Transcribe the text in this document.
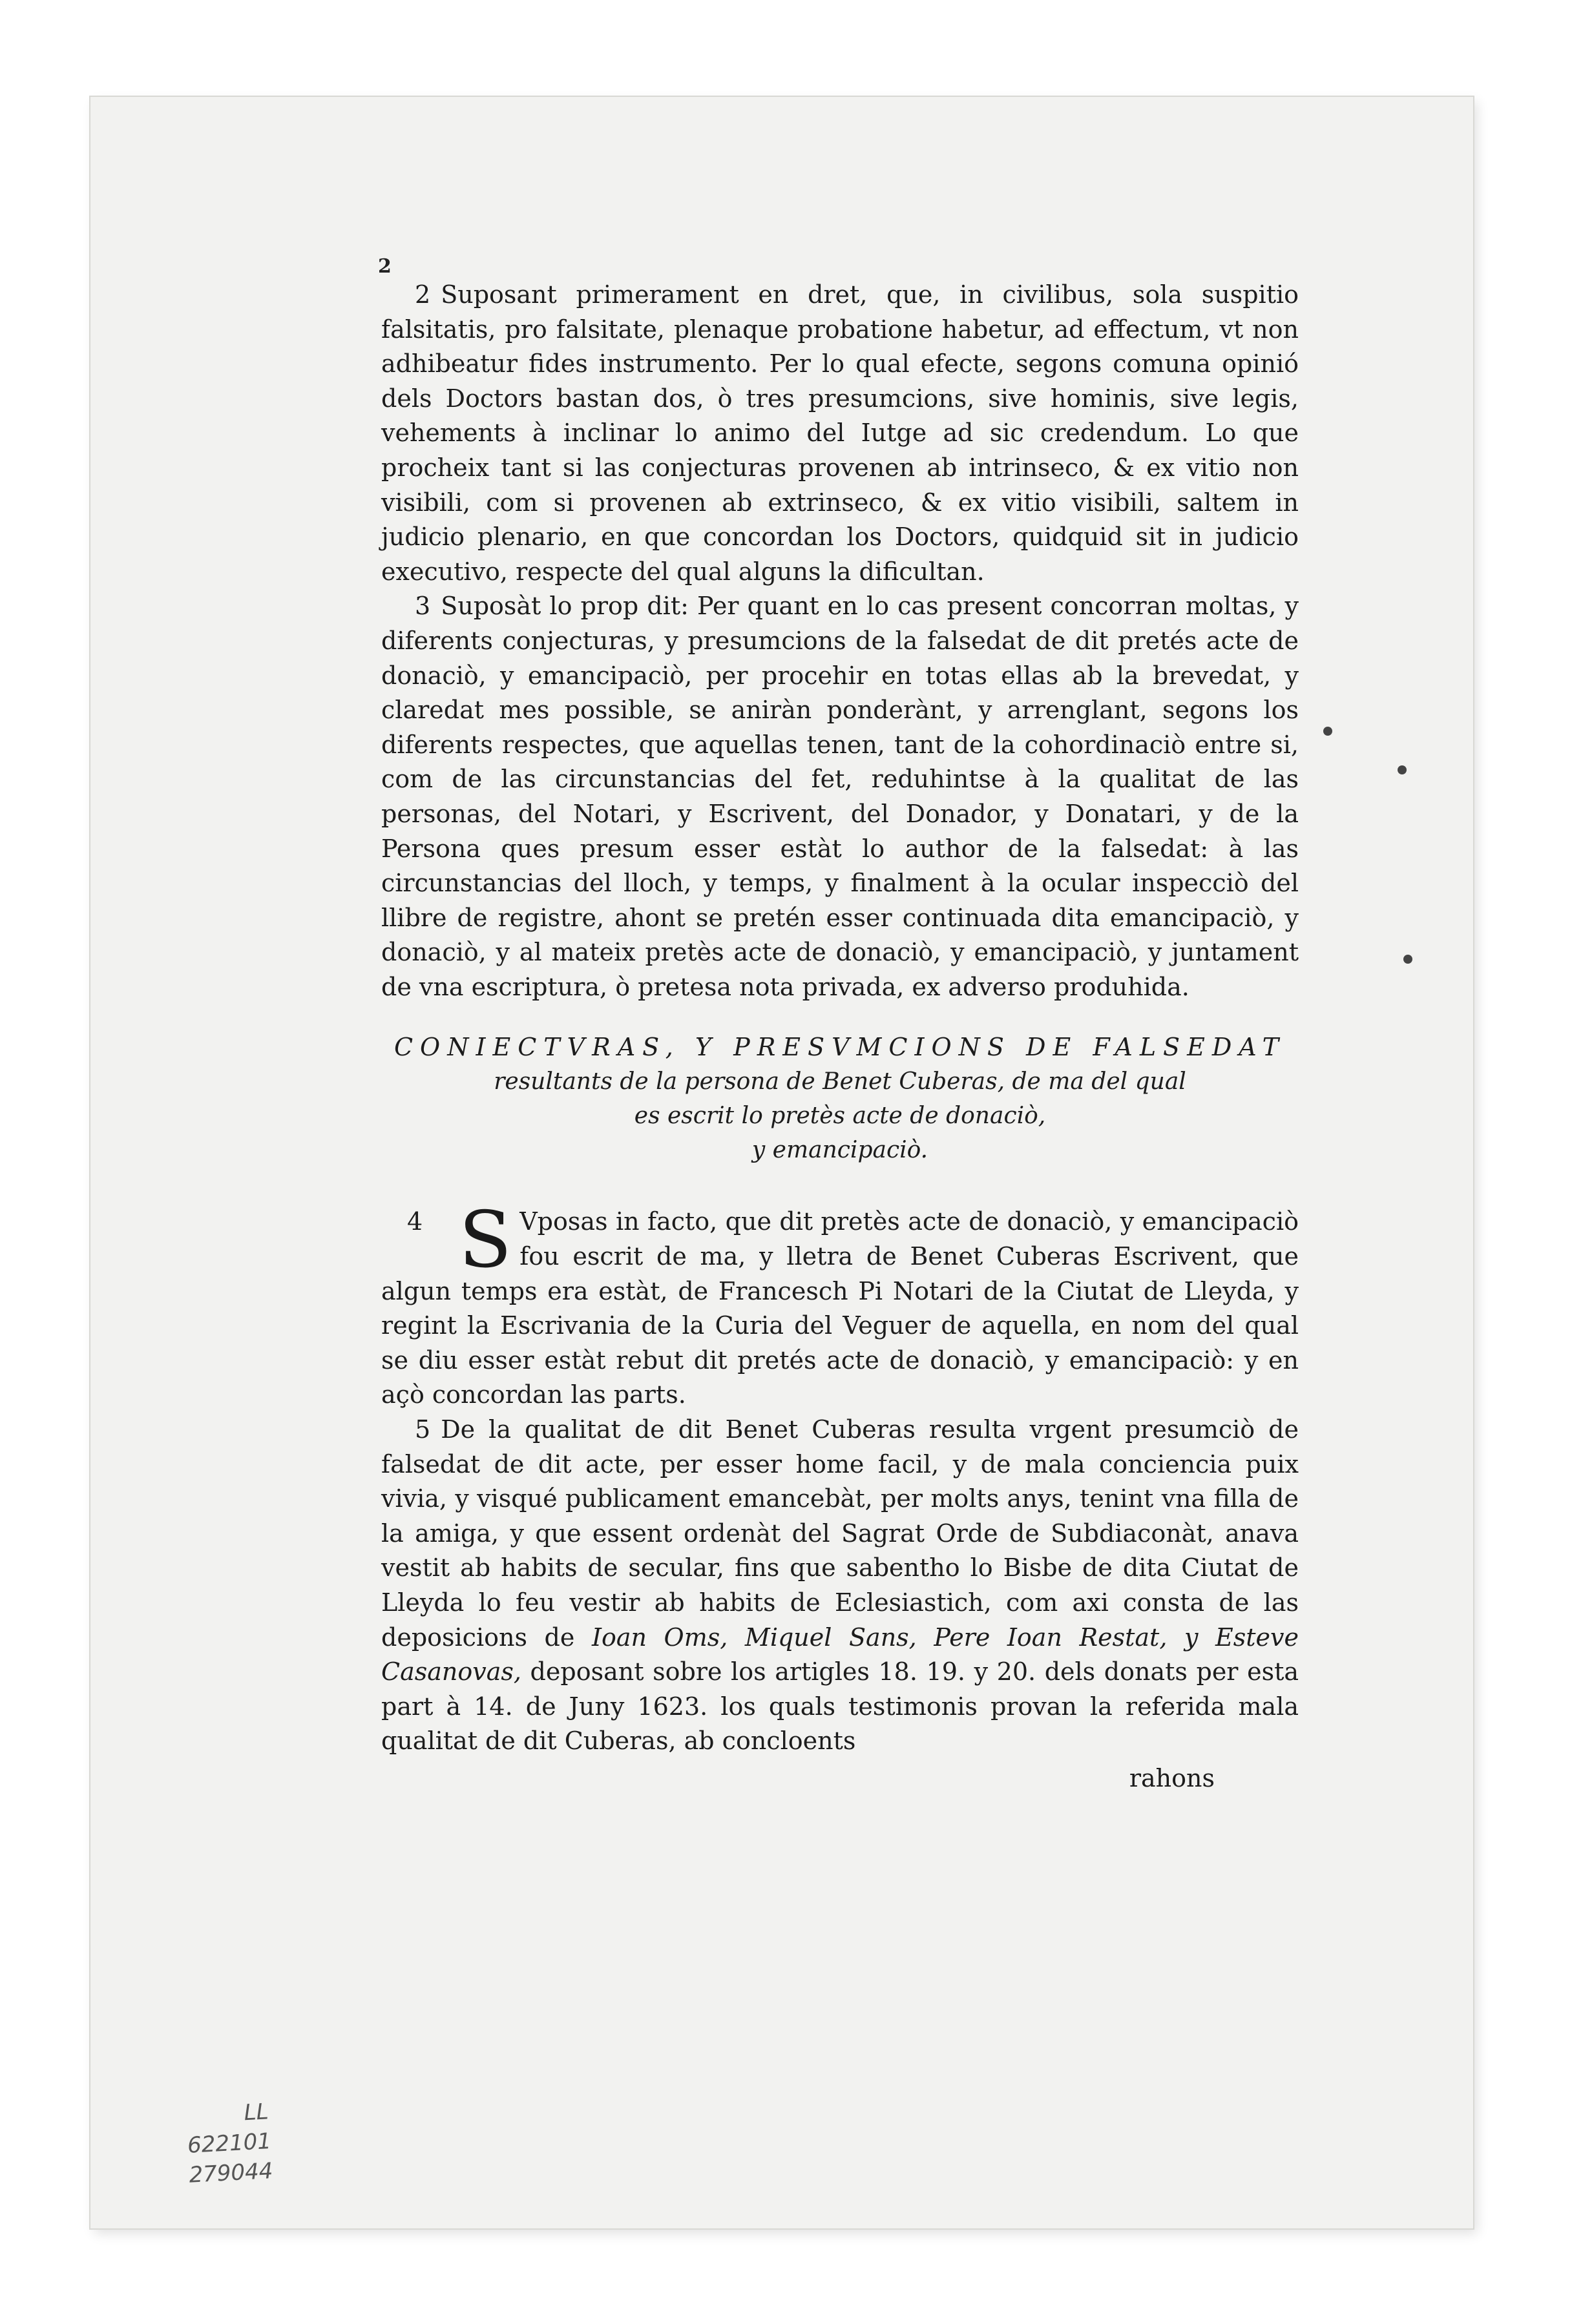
2

2 Suposant primerament en dret, que, in civilibus, sola suspitio falsitatis, pro falsitate, plenaque probatione habetur, ad effectum, vt non adhibeatur fides instrumento. Per lo qual efecte, segons comuna opinió dels Doctors bastan dos, ò tres presumcions, sive hominis, sive legis, vehements à inclinar lo animo del Iutge ad sic credendum. Lo que procheix tant si las conjecturas provenen ab intrinseco, & ex vitio non visibili, com si provenen ab extrinseco, & ex vitio visibili, saltem in judicio plenario, en que concordan los Doctors, quidquid sit in judicio executivo, respecte del qual alguns la dificultan.

3 Suposàt lo prop dit: Per quant en lo cas present concorran moltas, y diferents conjecturas, y presumcions de la falsedat de dit pretés acte de donaciò, y emancipaciò, per procehir en totas ellas ab la brevedat, y claredat mes possible, se aniràn ponderànt, y arrenglant, segons los diferents respectes, que aquellas tenen, tant de la cohordinaciò entre si, com de las circunstancias del fet, reduhintse à la qualitat de las personas, del Notari, y Escrivent, del Donador, y Donatari, y de la Persona ques presum esser estàt lo author de la falsedat: à las circunstancias del lloch, y temps, y finalment à la ocular inspecciò del llibre de registre, ahont se pretén esser continuada dita emancipaciò, y donaciò, y al mateix pretès acte de donaciò, y emancipaciò, y juntament de vna escriptura, ò pretesa nota privada, ex adverso produhida.

CONIECTVRAS, Y PRESVMCIONS DE FALSEDAT
resultants de la persona de Benet Cuberas, de ma del qual
es escrit lo pretès acte de donaciò,
y emancipaciò.

4 S Vposas in facto, que dit pretès acte de donaciò, y emancipaciò fou escrit de ma, y lletra de Benet Cuberas Escrivent, que algun temps era estàt, de Francesch Pi Notari de la Ciutat de Lleyda, y regint la Escrivania de la Curia del Veguer de aquella, en nom del qual se diu esser estàt rebut dit pretés acte de donaciò, y emancipaciò: y en açò concordan las parts.

5 De la qualitat de dit Benet Cuberas resulta vrgent presumciò de falsedat de dit acte, per esser home facil, y de mala conciencia puix vivia, y visqué publicament emancebàt, per molts anys, tenint vna filla de la amiga, y que essent ordenàt del Sagrat Orde de Subdiaconàt, anava vestit ab habits de secular, fins que sabentho lo Bisbe de dita Ciutat de Lleyda lo feu vestir ab habits de Eclesiastich, com axi consta de las deposicions de Ioan Oms, Miquel Sans, Pere Ioan Restat, y Esteve Casanovas, deposant sobre los artigles 18. 19. y 20. dels donats per esta part à 14. de Juny 1623. los quals testimonis provan la referida mala qualitat de dit Cuberas, ab concloents

rahons
LL
622101
279044
